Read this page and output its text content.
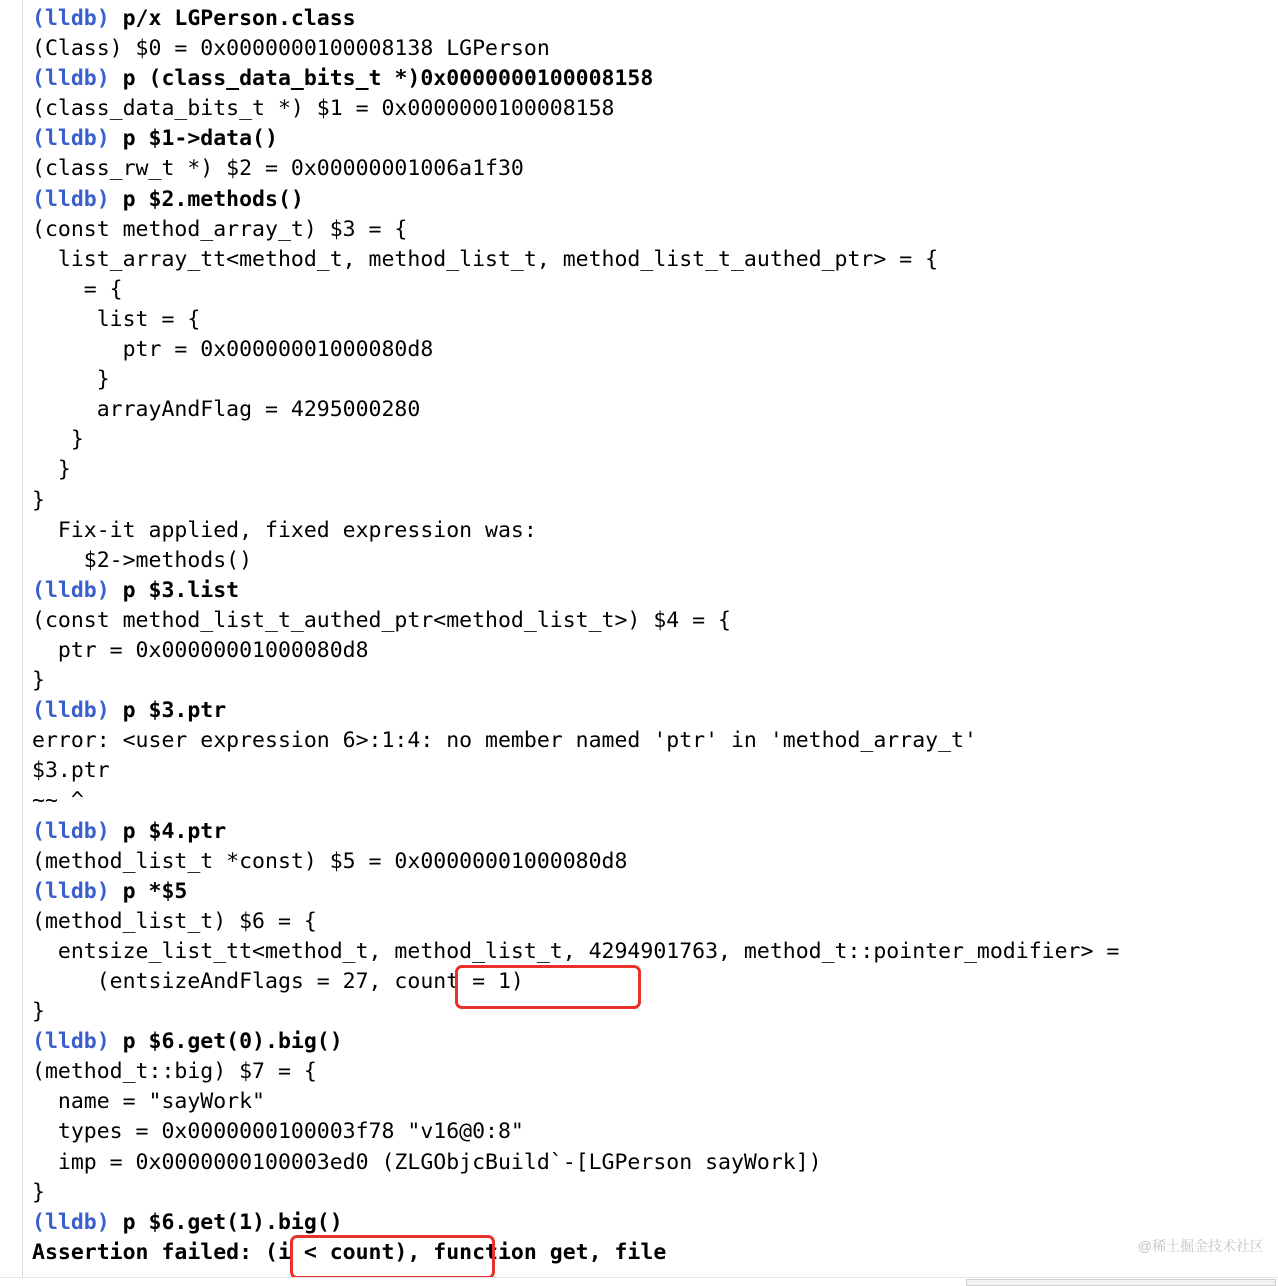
(lldb) p/x LGPerson.class
(Class) $0 = 0x0000000100008138 LGPerson
(lldb) p (class_data_bits_t *)0x0000000100008158
(class_data_bits_t *) $1 = 0x0000000100008158
(lldb) p $1->data()
(class_rw_t *) $2 = 0x00000001006a1f30
(lldb) p $2.methods()
(const method_array_t) $3 = {
list_array_tt<method_t, method_list_t, method_list_t_authed_ptr> = {
= {
list = {
ptr = 0x00000001000080d8
}
arrayAndFlag = 4295000280
}
}
}
Fix-it applied, fixed expression was:
$2->methods()
(lldb) p $3.list
(const method_list_t_authed_ptr<method_list_t>) $4 = {
ptr = 0x00000001000080d8
}
(lldb) p $3.ptr
error: <user expression 6>:1:4: no member named 'ptr' in 'method_array_t'
$3.ptr
~~ ^
(lldb) p $4.ptr
(method_list_t *const) $5 = 0x00000001000080d8
(lldb) p *$5
(method_list_t) $6 = {
entsize_list_tt<method_t, method_list_t, 4294901763, method_t::pointer_modifier> =
(entsizeAndFlags = 27, count = 1)
}
(lldb) p $6.get(0).big()
(method_t::big) $7 = {
name = "sayWork"
types = 0x0000000100003f78 "v16@0:8"
imp = 0x0000000100003ed0 (ZLGObjcBuild`-[LGPerson sayWork])
}
(lldb) p $6.get(1).big()
Assertion failed: (i < count), function get, file	@稀土掘金技术社区
